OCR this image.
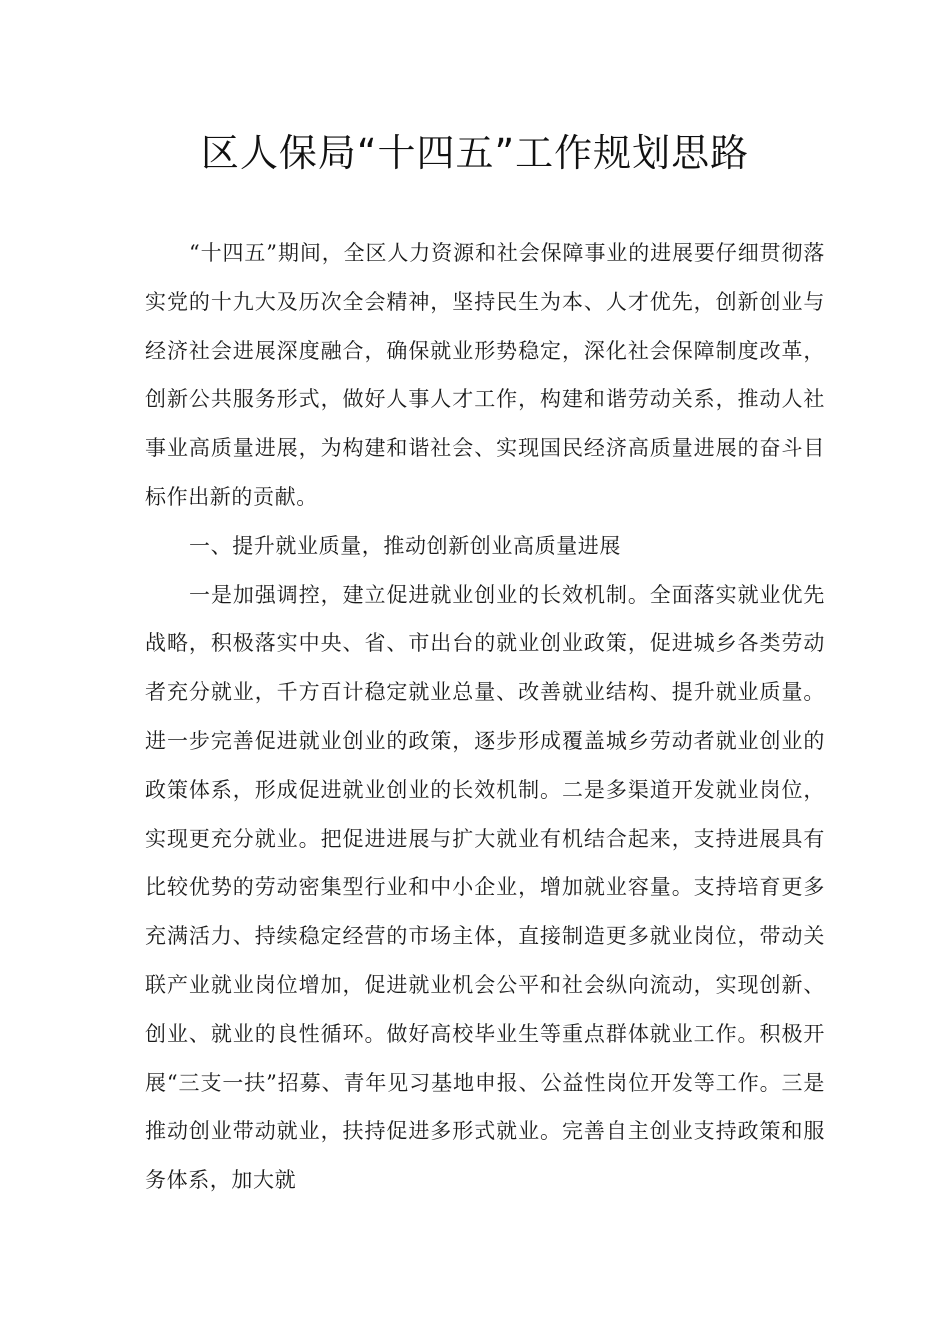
区人保局“十四五”工作规划思路

“十四五”期间，全区人力资源和社会保障事业的进展要仔细贯彻落实党的十九大及历次全会精神，坚持民生为本、人才优先，创新创业与经济社会进展深度融合，确保就业形势稳定，深化社会保障制度改革，创新公共服务形式，做好人事人才工作，构建和谐劳动关系，推动人社事业高质量进展，为构建和谐社会、实现国民经济高质量进展的奋斗目标作出新的贡献。

一、提升就业质量，推动创新创业高质量进展

一是加强调控，建立促进就业创业的长效机制。全面落实就业优先战略，积极落实中央、省、市出台的就业创业政策，促进城乡各类劳动者充分就业，千方百计稳定就业总量、改善就业结构、提升就业质量。进一步完善促进就业创业的政策，逐步形成覆盖城乡劳动者就业创业的政策体系，形成促进就业创业的长效机制。二是多渠道开发就业岗位，实现更充分就业。把促进进展与扩大就业有机结合起来，支持进展具有比较优势的劳动密集型行业和中小企业，增加就业容量。支持培育更多充满活力、持续稳定经营的市场主体，直接制造更多就业岗位，带动关联产业就业岗位增加，促进就业机会公平和社会纵向流动，实现创新、创业、就业的良性循环。做好高校毕业生等重点群体就业工作。积极开展“三支一扶”招募、青年见习基地申报、公益性岗位开发等工作。三是推动创业带动就业，扶持促进多形式就业。完善自主创业支持政策和服务体系，加大就
